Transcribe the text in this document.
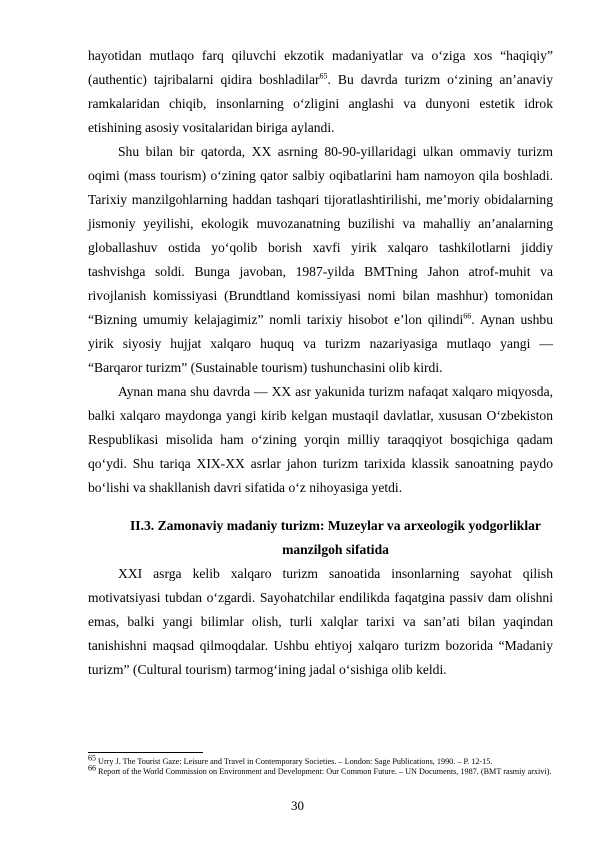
hayotidan mutlaqo farq qiluvchi ekzotik madaniyatlar va o‘ziga xos “haqiqiy” (authentic) tajribalarni qidira boshladilar$^{65}$. Bu davrda turizm o‘zining an’anaviy ramkalaridan chiqib, insonlarning o‘zligini anglashi va dunyoni estetik idrok etishining asosiy vositalaridan biriga aylandi.

Shu bilan bir qatorda, XX asrning 80-90-yillaridagi ulkan ommaviy turizm oqimi (mass tourism) o‘zining qator salbiy oqibatlarini ham namoyon qila boshladi. Tarixiy manzilgohlarning haddan tashqari tijoratlashtirilishi, me’moriy obidalarning jismoniy yeyilishi, ekologik muvozanatning buzilishi va mahalliy an’analarning globallashuv ostida yo‘qolib borish xavfi yirik xalqaro tashkilotlarni jiddiy tashvishga soldi. Bunga javoban, 1987-yilda BMTning Jahon atrof-muhit va rivojlanish komissiyasi (Brundtland komissiyasi nomi bilan mashhur) tomonidan “Bizning umumiy kelajagimiz” nomli tarixiy hisobot e’lon qilindi$^{66}$. Aynan ushbu yirik siyosiy hujjat xalqaro huquq va turizm nazariyasiga mutlaqo yangi — “Barqaror turizm” (Sustainable tourism) tushunchasini olib kirdi.

Aynan mana shu davrda — XX asr yakunida turizm nafaqat xalqaro miqyosda, balki xalqaro maydonga yangi kirib kelgan mustaqil davlatlar, xususan O‘zbekiston Respublikasi misolida ham o‘zining yorqin milliy taraqqiyot bosqichiga qadam qo‘ydi. Shu tariqa XIX-XX asrlar jahon turizm tarixida klassik sanoatning paydo bo‘lishi va shakllanish davri sifatida o‘z nihoyasiga yetdi.

II.3. Zamonaviy madaniy turizm: Muzeylar va arxeologik yodgorliklar manzilgoh sifatida

XXI asrga kelib xalqaro turizm sanoatida insonlarning sayohat qilish motivatsiyasi tubdan o‘zgardi. Sayohatchilar endilikda faqatgina passiv dam olishni emas, balki yangi bilimlar olish, turli xalqlar tarixi va san’ati bilan yaqindan tanishishni maqsad qilmoqdalar. Ushbu ehtiyoj xalqaro turizm bozorida “Madaniy turizm” (Cultural tourism) tarmog‘ining jadal o‘sishiga olib keldi.

$^{65}$ Urry J. The Tourist Gaze: Leisure and Travel in Contemporary Societies. – London: Sage Publications, 1990. – P. 12-15.

$^{66}$ Report of the World Commission on Environment and Development: Our Common Future. – UN Documents, 1987. (BMT rasmiy arxivi).

30
